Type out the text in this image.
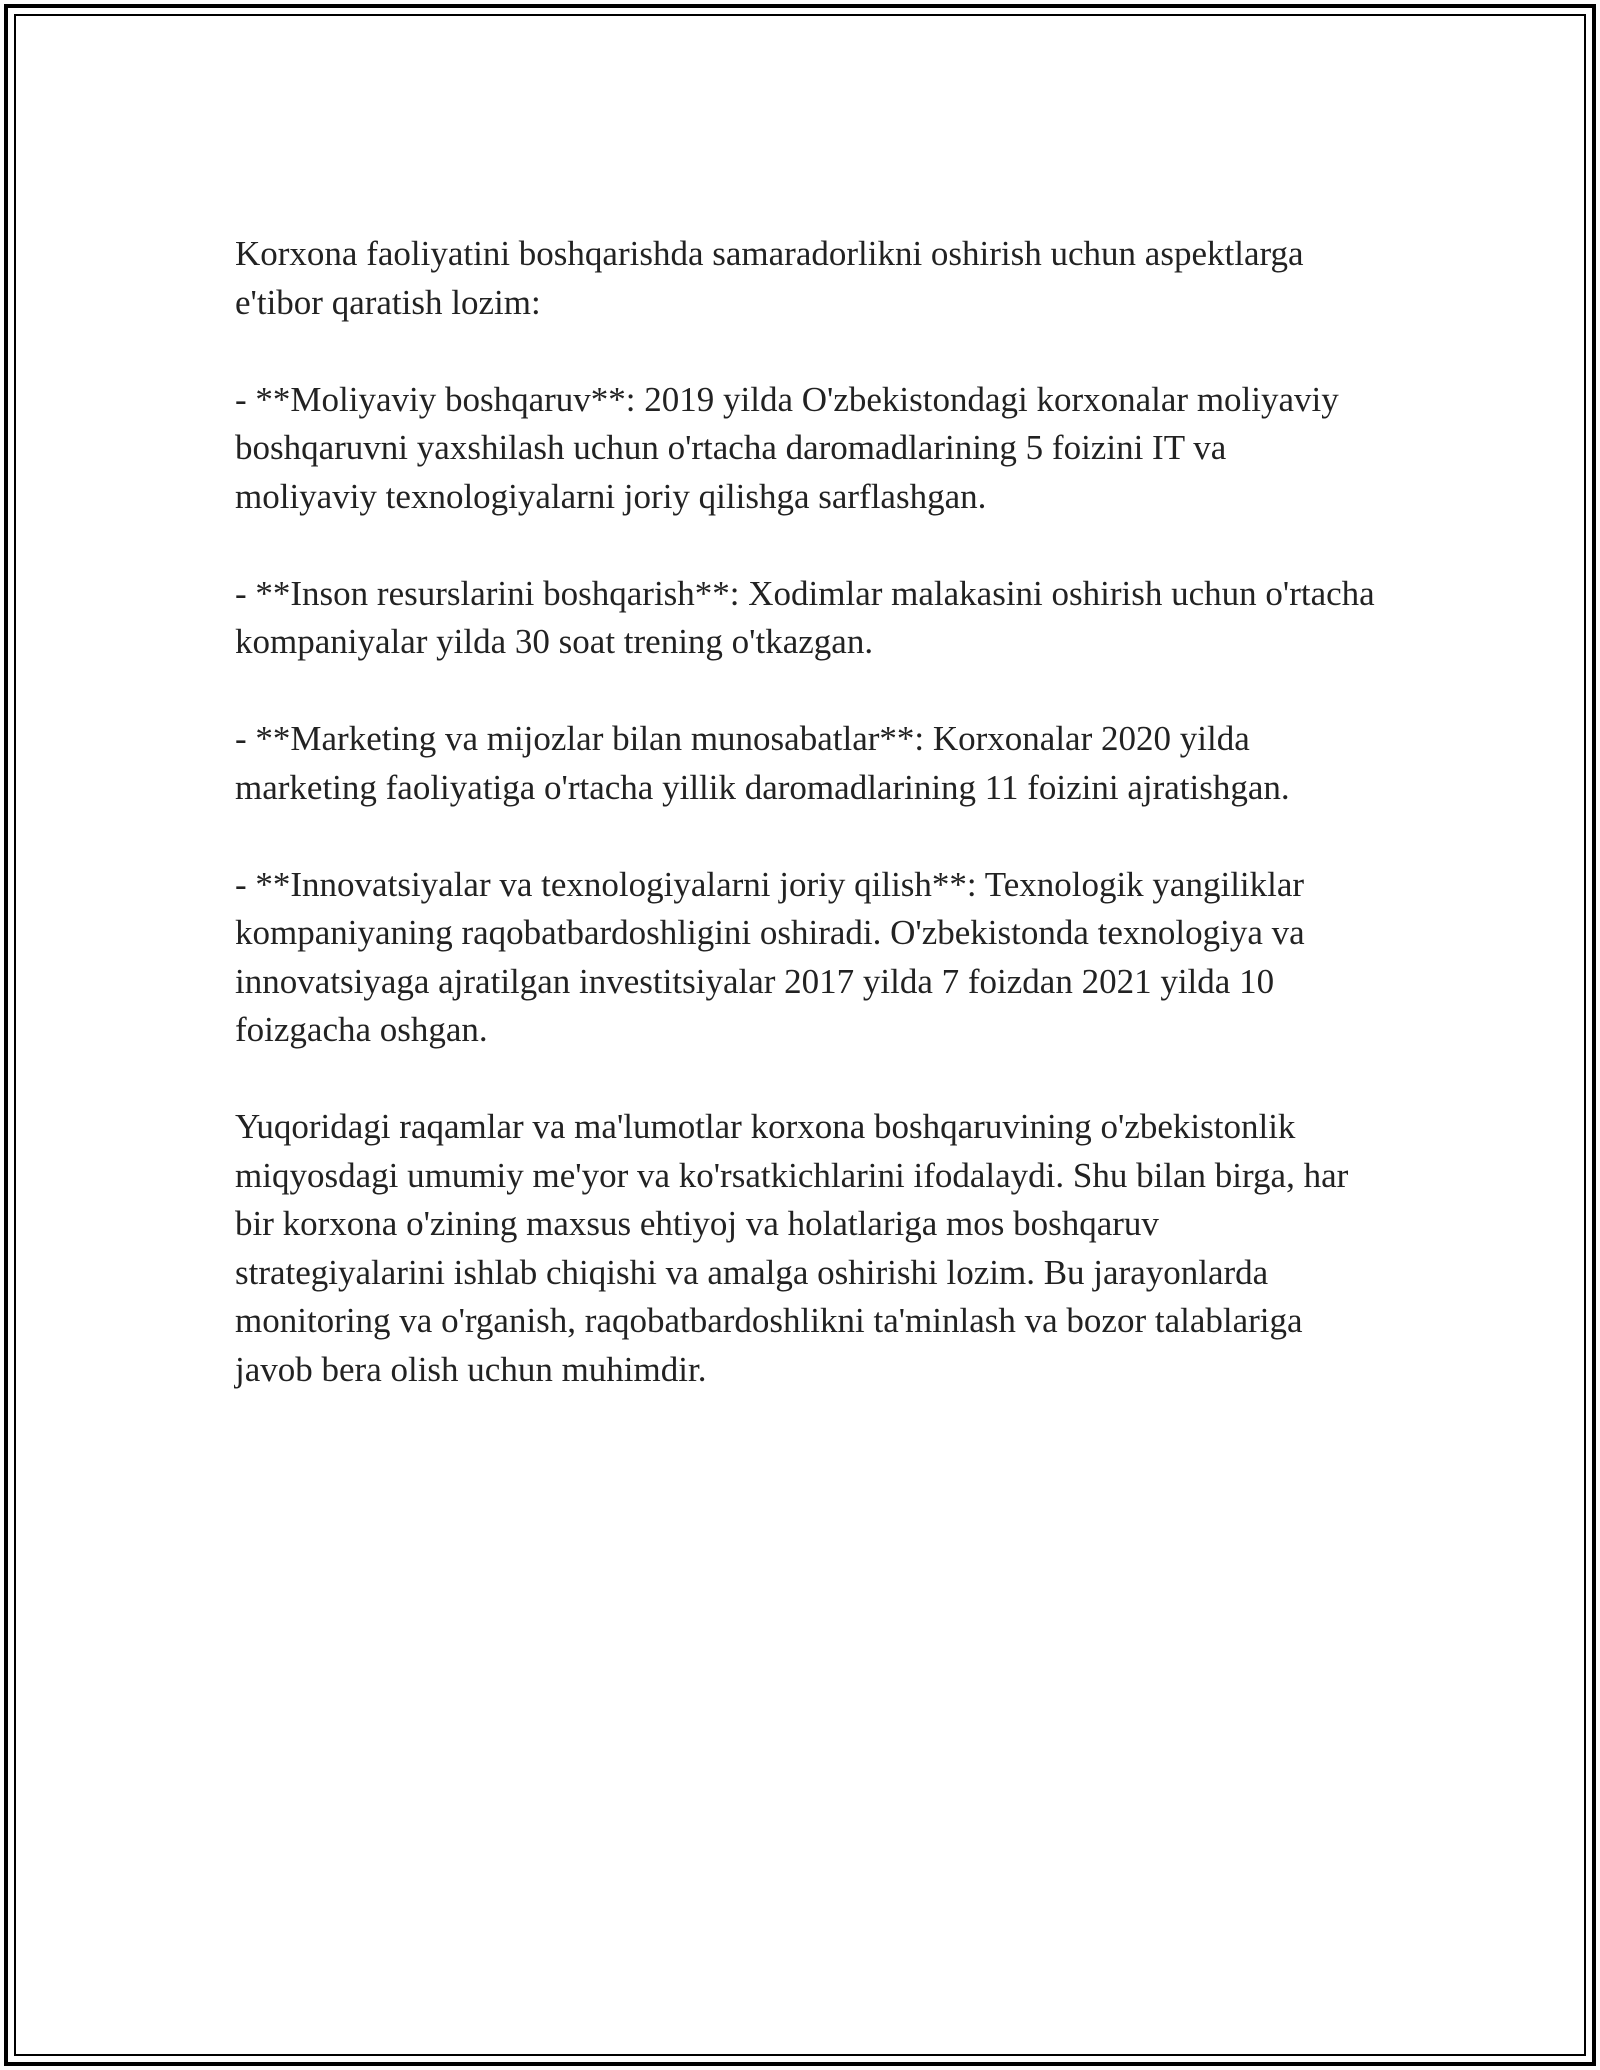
Korxona faoliyatini boshqarishda samaradorlikni oshirish uchun aspektlarga e'tibor qaratish lozim:

- **Moliyaviy boshqaruv**: 2019 yilda O'zbekistondagi korxonalar moliyaviy boshqaruvni yaxshilash uchun o'rtacha daromadlarining 5 foizini IT va moliyaviy texnologiyalarni joriy qilishga sarflashgan.

- **Inson resurslarini boshqarish**: Xodimlar malakasini oshirish uchun o'rtacha kompaniyalar yilda 30 soat trening o'tkazgan.

- **Marketing va mijozlar bilan munosabatlar**: Korxonalar 2020 yilda marketing faoliyatiga o'rtacha yillik daromadlarining 11 foizini ajratishgan.

- **Innovatsiyalar va texnologiyalarni joriy qilish**: Texnologik yangiliklar kompaniyaning raqobatbardoshligini oshiradi. O'zbekistonda texnologiya va innovatsiyaga ajratilgan investitsiyalar 2017 yilda 7 foizdan 2021 yilda 10 foizgacha oshgan.

Yuqoridagi raqamlar va ma'lumotlar korxona boshqaruvining o'zbekistonlik miqyosdagi umumiy me'yor va ko'rsatkichlarini ifodalaydi. Shu bilan birga, har bir korxona o'zining maxsus ehtiyoj va holatlariga mos boshqaruv strategiyalarini ishlab chiqishi va amalga oshirishi lozim. Bu jarayonlarda monitoring va o'rganish, raqobatbardoshlikni ta'minlash va bozor talablariga javob bera olish uchun muhimdir.
